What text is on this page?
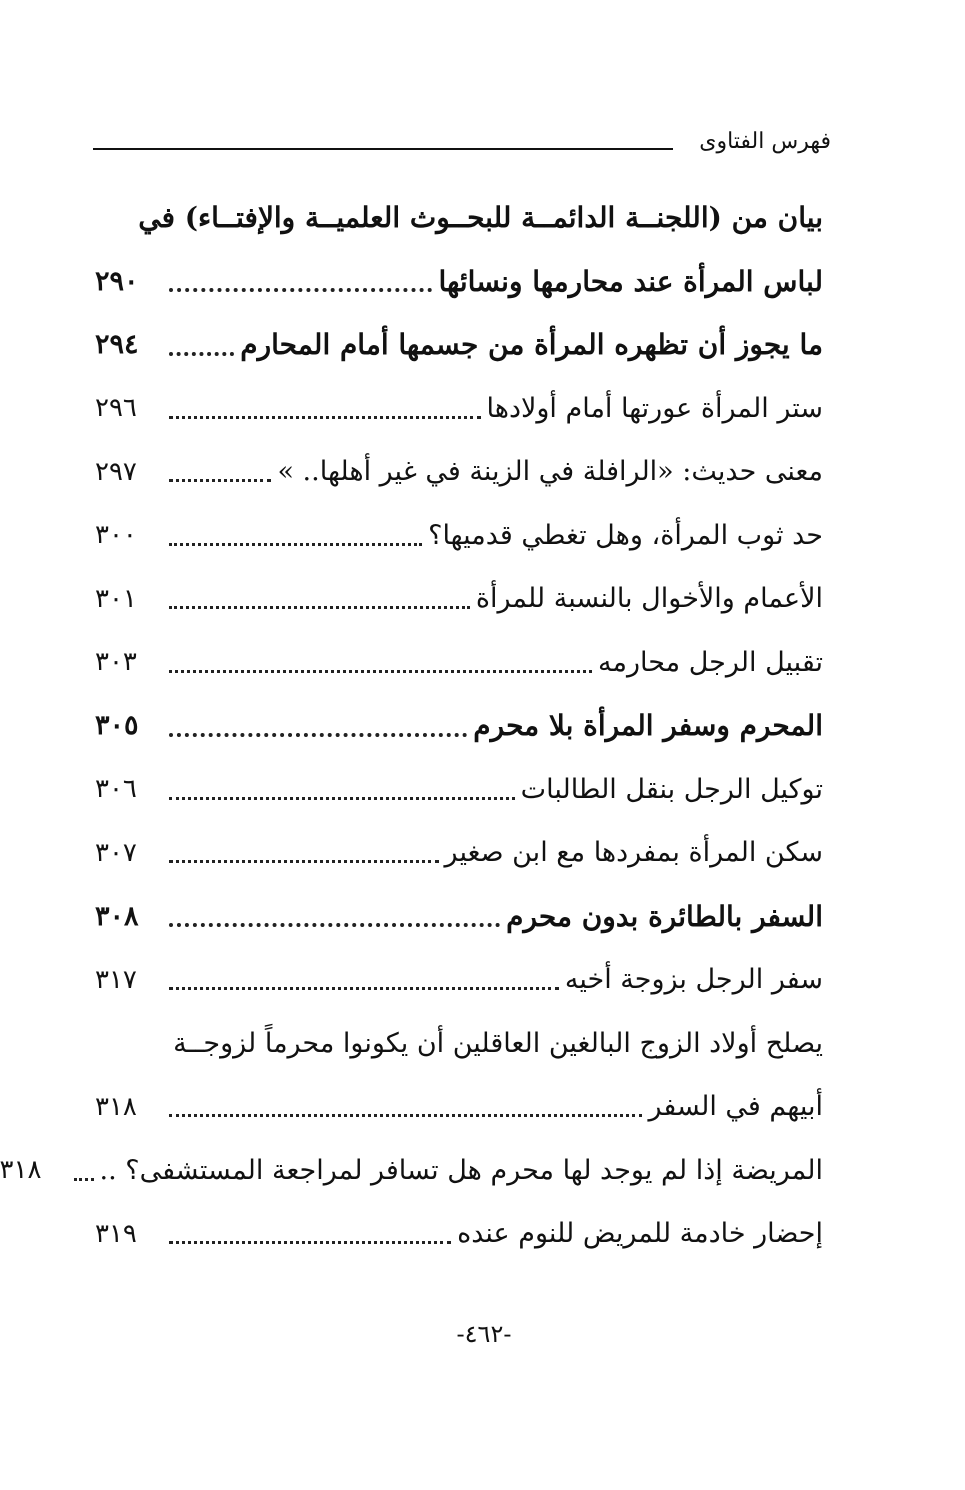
فهرس الفتاوى
بيان من (اللجنــة الدائمــة للبحــوث العلميــة والإفتــاء) في
لباس المرأة عند محارمها ونسائها
٢٩٠
ما يجوز أن تظهره المرأة من جسمها أمام المحارم
٢٩٤
ستر المرأة عورتها أمام أولادها
٢٩٦
معنى حديث: «الرافلة في الزينة في غير أهلها.. »
٢٩٧
حد ثوب المرأة، وهل تغطي قدميها؟
٣٠٠
الأعمام والأخوال بالنسبة للمرأة
٣٠١
تقبيل الرجل محارمه
٣٠٣
المحرم وسفر المرأة بلا محرم
٣٠٥
توكيل الرجل بنقل الطالبات
٣٠٦
سكن المرأة بمفردها مع ابن صغير
٣٠٧
السفر بالطائرة بدون محرم
٣٠٨
سفر الرجل بزوجة أخيه
٣١٧
يصلح أولاد الزوج البالغين العاقلين أن يكونوا محرماً لزوجــة
أبيهم في السفر
٣١٨
المريضة إذا لم يوجد لها محرم هل تسافر لمراجعة المستشفى؟ ..
٣١٨
إحضار خادمة للمريض للنوم عنده
٣١٩
-٤٦٢-
